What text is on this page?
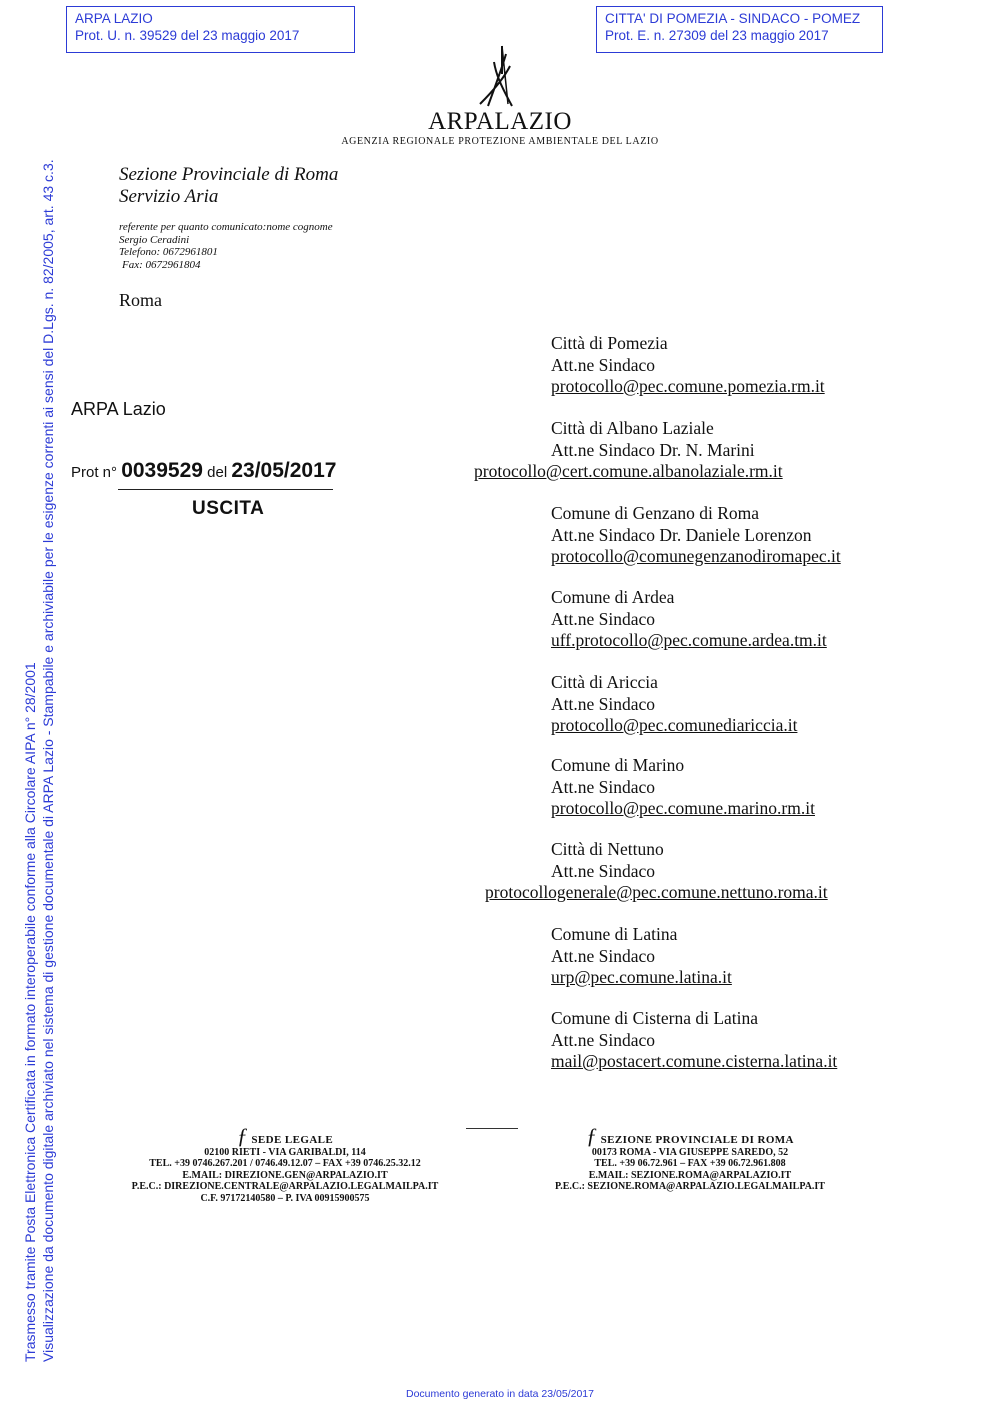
ARPA LAZIO
Prot. U. n. 39529 del 23 maggio 2017
CITTA' DI POMEZIA - SINDACO - POMEZ
Prot. E. n. 27309 del 23 maggio 2017
Trasmesso tramite Posta Elettronica Certificata in formato interoperabile conforme alla Circolare AIPA n° 28/2001 Visualizzazione da documento digitale archiviato nel sistema di gestione documentale di ARPA Lazio - Stampabile e archiviabile per le esigenze correnti ai sensi del D.Lgs. n. 82/2005, art. 43 c.3.
ARPALAZIO
AGENZIA REGIONALE PROTEZIONE AMBIENTALE DEL LAZIO
Sezione Provinciale di Roma
Servizio Aria
referente per quanto comunicato:nome cognome
Sergio Ceradini
Telefono: 0672961801
Fax: 0672961804
Roma
ARPA Lazio
Prot n° 0039529 del 23/05/2017
USCITA
Città di Pomezia
Att.ne Sindaco
protocollo@pec.comune.pomezia.rm.it
Città di Albano Laziale
Att.ne Sindaco Dr. N. Marini
protocollo@cert.comune.albanolaziale.rm.it
Comune di Genzano di Roma
Att.ne Sindaco Dr. Daniele Lorenzon
protocollo@comunegenzanodiromapec.it
Comune di Ardea
Att.ne Sindaco
uff.protocollo@pec.comune.ardea.tm.it
Città di Ariccia
Att.ne Sindaco
protocollo@pec.comunediariccia.it
Comune di Marino
Att.ne Sindaco
protocollo@pec.comune.marino.rm.it
Città di Nettuno
Att.ne Sindaco
protocollogenerale@pec.comune.nettuno.roma.it
Comune di Latina
Att.ne Sindaco
urp@pec.comune.latina.it
Comune di Cisterna di Latina
Att.ne Sindaco
mail@postacert.comune.cisterna.latina.it
ƒ SEDE LEGALE
02100 RIETI - VIA GARIBALDI, 114
TEL. +39 0746.267.201 / 0746.49.12.07 – FAX +39 0746.25.32.12
E.MAIL: DIREZIONE.GEN@ARPALAZIO.IT
P.E.C.: DIREZIONE.CENTRALE@ARPALAZIO.LEGALMAILPA.IT
C.F. 97172140580 – P. IVA 00915900575
ƒ SEZIONE PROVINCIALE DI ROMA
00173 ROMA - VIA GIUSEPPE SAREDO, 52
TEL. +39 06.72.961 – FAX +39 06.72.961.808
E.MAIL: SEZIONE.ROMA@ARPALAZIO.IT
P.E.C.: SEZIONE.ROMA@ARPALAZIO.LEGALMAILPA.IT
Documento generato in data 23/05/2017
